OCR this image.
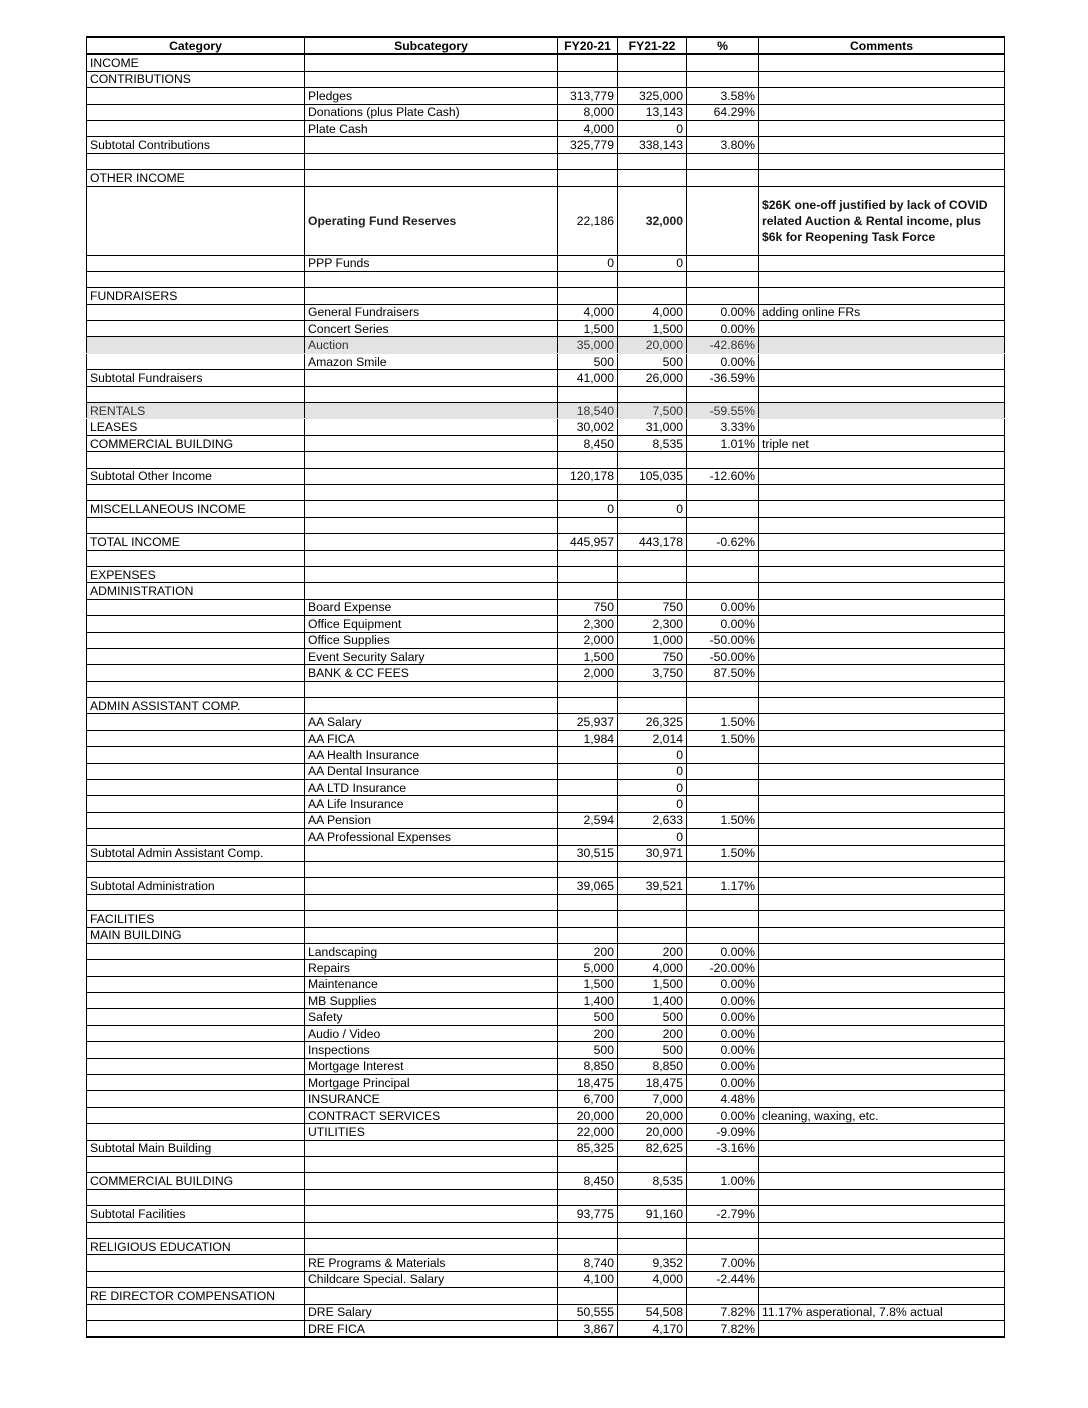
Category	Subcategory	FY20-21	FY21-22	%	Comments
INCOME					
CONTRIBUTIONS					
	Pledges	313,779	325,000	3.58%	
	Donations (plus Plate Cash)	8,000	13,143	64.29%	
	Plate Cash	4,000	0		
Subtotal Contributions		325,779	338,143	3.80%	

OTHER INCOME					
	Operating Fund Reserves	22,186	32,000		$26K one-off justified by lack of COVID related Auction & Rental income, plus $6k for Reopening Task Force
	PPP Funds	0	0		

FUNDRAISERS					
	General Fundraisers	4,000	4,000	0.00%	adding online FRs
	Concert Series	1,500	1,500	0.00%	
	Auction	35,000	20,000	-42.86%	
	Amazon Smile	500	500	0.00%	
Subtotal Fundraisers		41,000	26,000	-36.59%	

RENTALS		18,540	7,500	-59.55%	
LEASES		30,002	31,000	3.33%	
COMMERCIAL BUILDING		8,450	8,535	1.01%	triple net

Subtotal Other Income		120,178	105,035	-12.60%	

MISCELLANEOUS INCOME		0	0		

TOTAL INCOME		445,957	443,178	-0.62%	

EXPENSES					
ADMINISTRATION					
	Board Expense	750	750	0.00%	
	Office Equipment	2,300	2,300	0.00%	
	Office Supplies	2,000	1,000	-50.00%	
	Event Security Salary	1,500	750	-50.00%	
	BANK & CC FEES	2,000	3,750	87.50%	

ADMIN ASSISTANT COMP.					
	AA Salary	25,937	26,325	1.50%	
	AA FICA	1,984	2,014	1.50%	
	AA Health Insurance		0		
	AA Dental Insurance		0		
	AA LTD Insurance		0		
	AA Life Insurance		0		
	AA Pension	2,594	2,633	1.50%	
	AA Professional Expenses		0		
Subtotal Admin Assistant Comp.		30,515	30,971	1.50%	

Subtotal Administration		39,065	39,521	1.17%	

FACILITIES					
MAIN BUILDING					
	Landscaping	200	200	0.00%	
	Repairs	5,000	4,000	-20.00%	
	Maintenance	1,500	1,500	0.00%	
	MB Supplies	1,400	1,400	0.00%	
	Safety	500	500	0.00%	
	Audio / Video	200	200	0.00%	
	Inspections	500	500	0.00%	
	Mortgage Interest	8,850	8,850	0.00%	
	Mortgage Principal	18,475	18,475	0.00%	
	INSURANCE	6,700	7,000	4.48%	
	CONTRACT SERVICES	20,000	20,000	0.00%	cleaning, waxing, etc.
	UTILITIES	22,000	20,000	-9.09%	
Subtotal Main Building		85,325	82,625	-3.16%	

COMMERCIAL BUILDING		8,450	8,535	1.00%	

Subtotal Facilities		93,775	91,160	-2.79%	

RELIGIOUS EDUCATION					
	RE Programs & Materials	8,740	9,352	7.00%	
	Childcare Special. Salary	4,100	4,000	-2.44%	
RE DIRECTOR COMPENSATION					
	DRE Salary	50,555	54,508	7.82%	11.17% asperational, 7.8% actual
	DRE FICA	3,867	4,170	7.82%	
